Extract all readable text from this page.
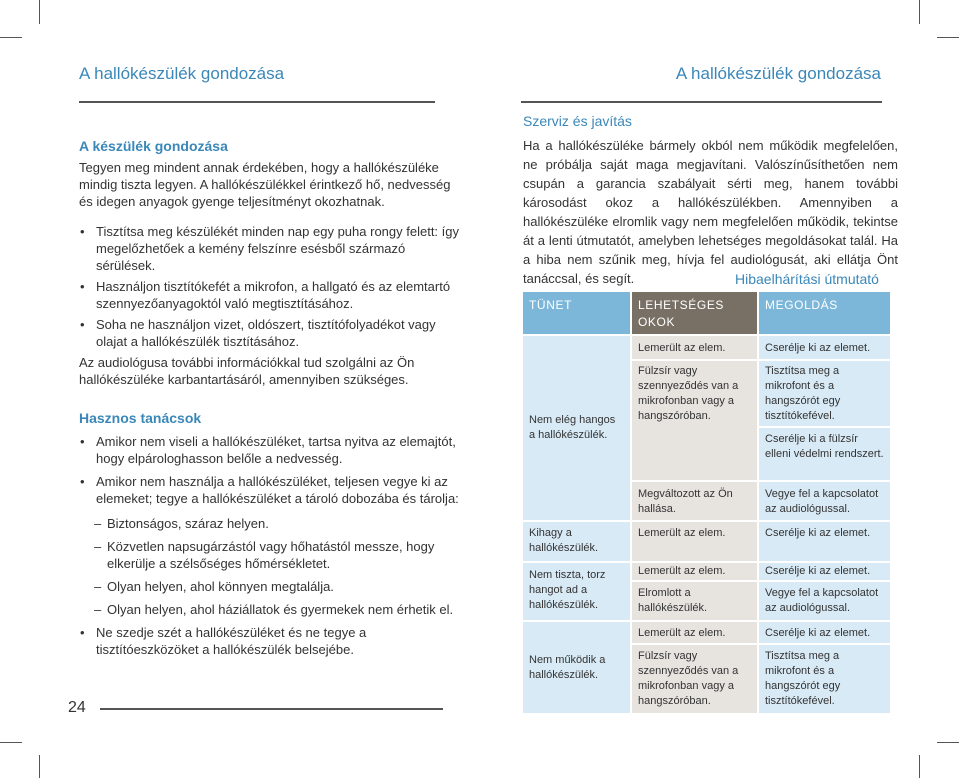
A hallókészülék gondozása
A készülék gondozása

Tegyen meg mindent annak érdekében, hogy a hallókészüléke mindig tiszta legyen. A hallókészülékkel érintkező hő, nedvesség és idegen anyagok gyenge teljesítményt okozhatnak.

• Tisztítsa meg készülékét minden nap egy puha rongy felett: így megelőzhetőek a kemény felszínre esésből származó sérülések.
• Használjon tisztítókefét a mikrofon, a hallgató és az elemtartó szennyezőanyagoktól való megtisztításához.
• Soha ne használjon vizet, oldószert, tisztítófolyadékot vagy olajat a hallókészülék tisztításához.

Az audiológusa további információkkal tud szolgálni az Ön hallókészüléke karbantartásáról, amennyiben szükséges.

Hasznos tanácsok
• Amikor nem viseli a hallókészüléket, tartsa nyitva az elemajtót, hogy elpárologhasson belőle a nedvesség.
• Amikor nem használja a hallókészüléket, teljesen vegye ki az elemeket; tegye a hallókészüléket a tároló dobozába és tárolja:
– Biztonságos, száraz helyen.
– Közvetlen napsugárzástól vagy hőhatástól messze, hogy elkerülje a szélsőséges hőmérsékletet.
– Olyan helyen, ahol könnyen megtalálja.
– Olyan helyen, ahol háziállatok és gyermekek nem érhetik el.
• Ne szedje szét a hallókészüléket és ne tegye a tisztítóeszközöket a hallókészülék belsejébe.
24
A hallókészülék gondozása
Szerviz és javítás

Ha a hallókészüléke bármely okból nem működik megfelelően, ne próbálja saját maga megjavítani. Valószínűsíthetően nem csupán a garancia szabályait sérti meg, hanem további károsodást okoz a hallókészülékben. Amennyiben a hallókészüléke elromlik vagy nem megfelelően működik, tekintse át a lenti útmutatót, amelyben lehetséges megoldásokat talál. Ha a hiba nem szűnik meg, hívja fel audiológusát, aki ellátja Önt tanáccsal, és segít.	Hibaelhárítási útmutató
TÜNET	LEHETSÉGES OKOK
MEGOLDÁS
Nem elég hangos a hallókészülék.
Kihagy a hallókészülék.
Nem tiszta, torz hangot ad a hallókészülék.
Nem működik a hallókészülék.
Lemerült az elem.
Fülzsír vagy szennyeződés van a mikrofonban vagy a hangszóróban.
Megváltozott az Ön hallása.
Lemerült az elem.
Lemerült az elem.
Elromlott a hallókészülék.
Lemerült az elem.
Fülzsír vagy szennyeződés van a mikrofonban vagy a hangszóróban.
Cserélje ki az elemet.
Tisztítsa meg a mikrofont és a hangszórót egy tisztítókefével.
Cserélje ki a fülzsír elleni védelmi rendszert.
Vegye fel a kapcsolatot az audiológussal.
Cserélje ki az elemet.
Cserélje ki az elemet.
Vegye fel a kapcsolatot az audiológussal.
Cserélje ki az elemet.
Tisztítsa meg a mikrofont és a hangszórót egy tisztítókefével.
